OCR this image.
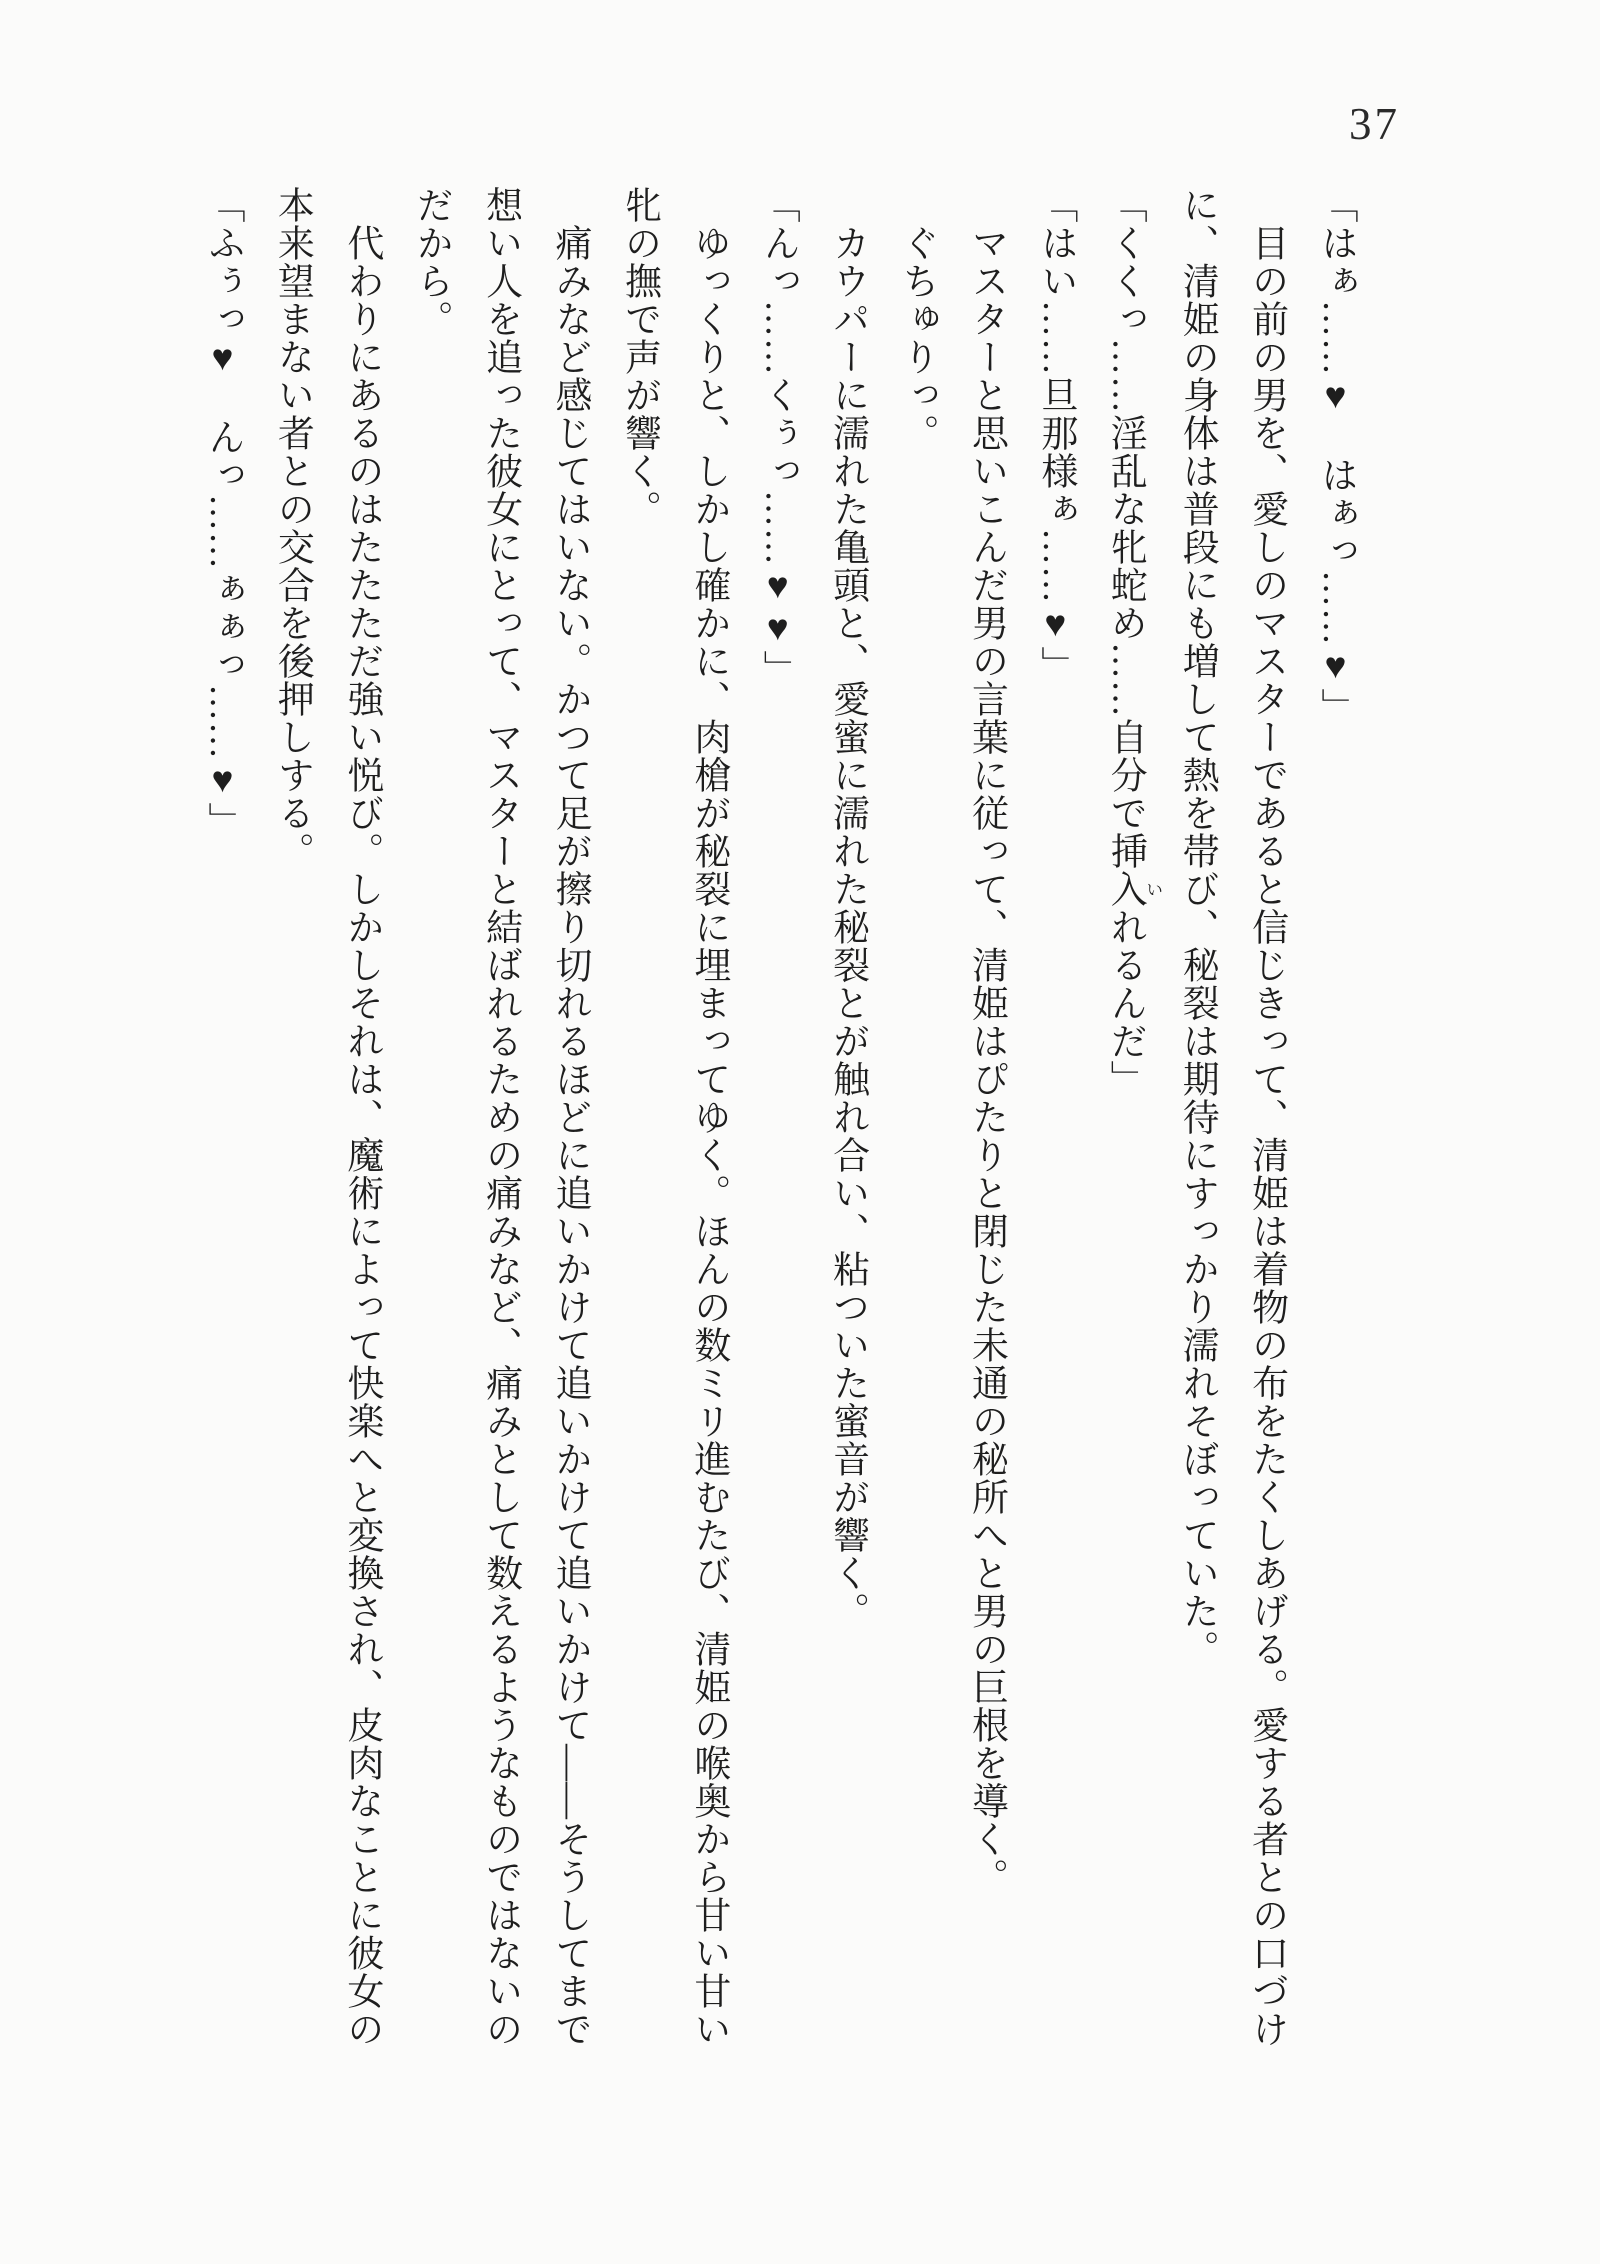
37
「はぁ……♥　はぁっ……♥」
目の前の男を、愛しのマスターであると信じきって、清姫は着物の布をたくしあげる。愛する者との口づけ
に、清姫の身体は普段にも増して熱を帯び、秘裂は期待にすっかり濡れそぼっていた。
「くくっ……淫乱な牝蛇め……自分で挿入いれるんだ」
「はい……旦那様ぁ……♥」
マスターと思いこんだ男の言葉に従って、清姫はぴたりと閉じた未通の秘所へと男の巨根を導く。
ぐちゅりっ。
カウパーに濡れた亀頭と、愛蜜に濡れた秘裂とが触れ合い、粘ついた蜜音が響く。
「んっ……くぅっ……♥♥」
ゆっくりと、しかし確かに、肉槍が秘裂に埋まってゆく。ほんの数ミリ進むたび、清姫の喉奥から甘い甘い
牝の撫で声が響く。
痛みなど感じてはいない。かつて足が擦り切れるほどに追いかけて追いかけて追いかけて――そうしてまで
想い人を追った彼女にとって、マスターと結ばれるための痛みなど、痛みとして数えるようなものではないの
だから。
代わりにあるのはたたただ強い悦び。しかしそれは、魔術によって快楽へと変換され、皮肉なことに彼女の
本来望まない者との交合を後押しする。
「ふぅっ♥　んっ……ぁぁっ……♥」
